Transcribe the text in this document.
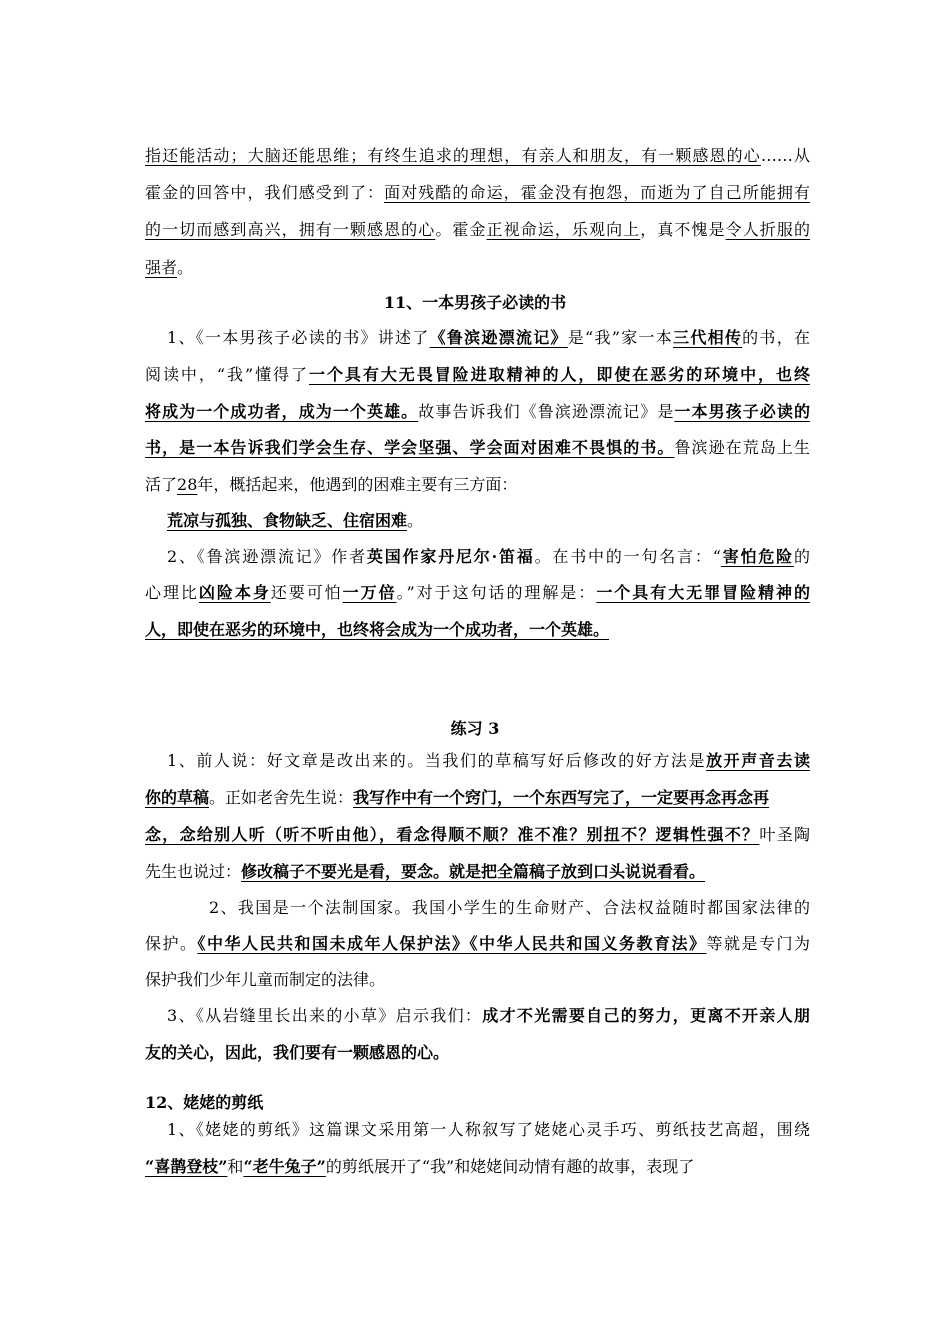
指还能活动；大脑还能思维；有终生追求的理想，有亲人和朋友，有一颗感恩的心……从
霍金的回答中，我们感受到了：面对残酷的命运，霍金没有抱怨，而逝为了自己所能拥有
的一切而感到高兴，拥有一颗感恩的心。霍金正视命运，乐观向上，真不愧是令人折服的
强者。
11、一本男孩子必读的书
1、《一本男孩子必读的书》讲述了《鲁滨逊漂流记》是“我”家一本三代相传的书，在
阅读中，“我”懂得了一个具有大无畏冒险进取精神的人，即使在恶劣的环境中，也终
将成为一个成功者，成为一个英雄。故事告诉我们《鲁滨逊漂流记》是一本男孩子必读的
书，是一本告诉我们学会生存、学会坚强、学会面对困难不畏惧的书。鲁滨逊在荒岛上生
活了28年，概括起来，他遇到的困难主要有三方面：
荒凉与孤独、食物缺乏、住宿困难。
2、《鲁滨逊漂流记》作者英国作家丹尼尔·笛福。在书中的一句名言：“害怕危险的
心理比凶险本身还要可怕一万倍。”对于这句话的理解是：一个具有大无罪冒险精神的
人，即使在恶劣的环境中，也终将会成为一个成功者，一个英雄。
练习 3
1、前人说：好文章是改出来的。当我们的草稿写好后修改的好方法是放开声音去读
你的草稿。正如老舍先生说：我写作中有一个窍门，一个东西写完了，一定要再念再念再
念，念给别人听（听不听由他），看念得顺不顺？准不准？别扭不？逻辑性强不？叶圣陶
先生也说过：修改稿子不要光是看，要念。就是把全篇稿子放到口头说说看看。
2、我国是一个法制国家。我国小学生的生命财产、合法权益随时都国家法律的
保护。《中华人民共和国未成年人保护法》《中华人民共和国义务教育法》等就是专门为
保护我们少年儿童而制定的法律。
3、《从岩缝里长出来的小草》启示我们：成才不光需要自己的努力，更离不开亲人朋
友的关心，因此，我们要有一颗感恩的心。
12、姥姥的剪纸
1、《姥姥的剪纸》这篇课文采用第一人称叙写了姥姥心灵手巧、剪纸技艺高超，围绕
“喜鹊登枝”和“老牛兔子”的剪纸展开了“我”和姥姥间动情有趣的故事，表现了
